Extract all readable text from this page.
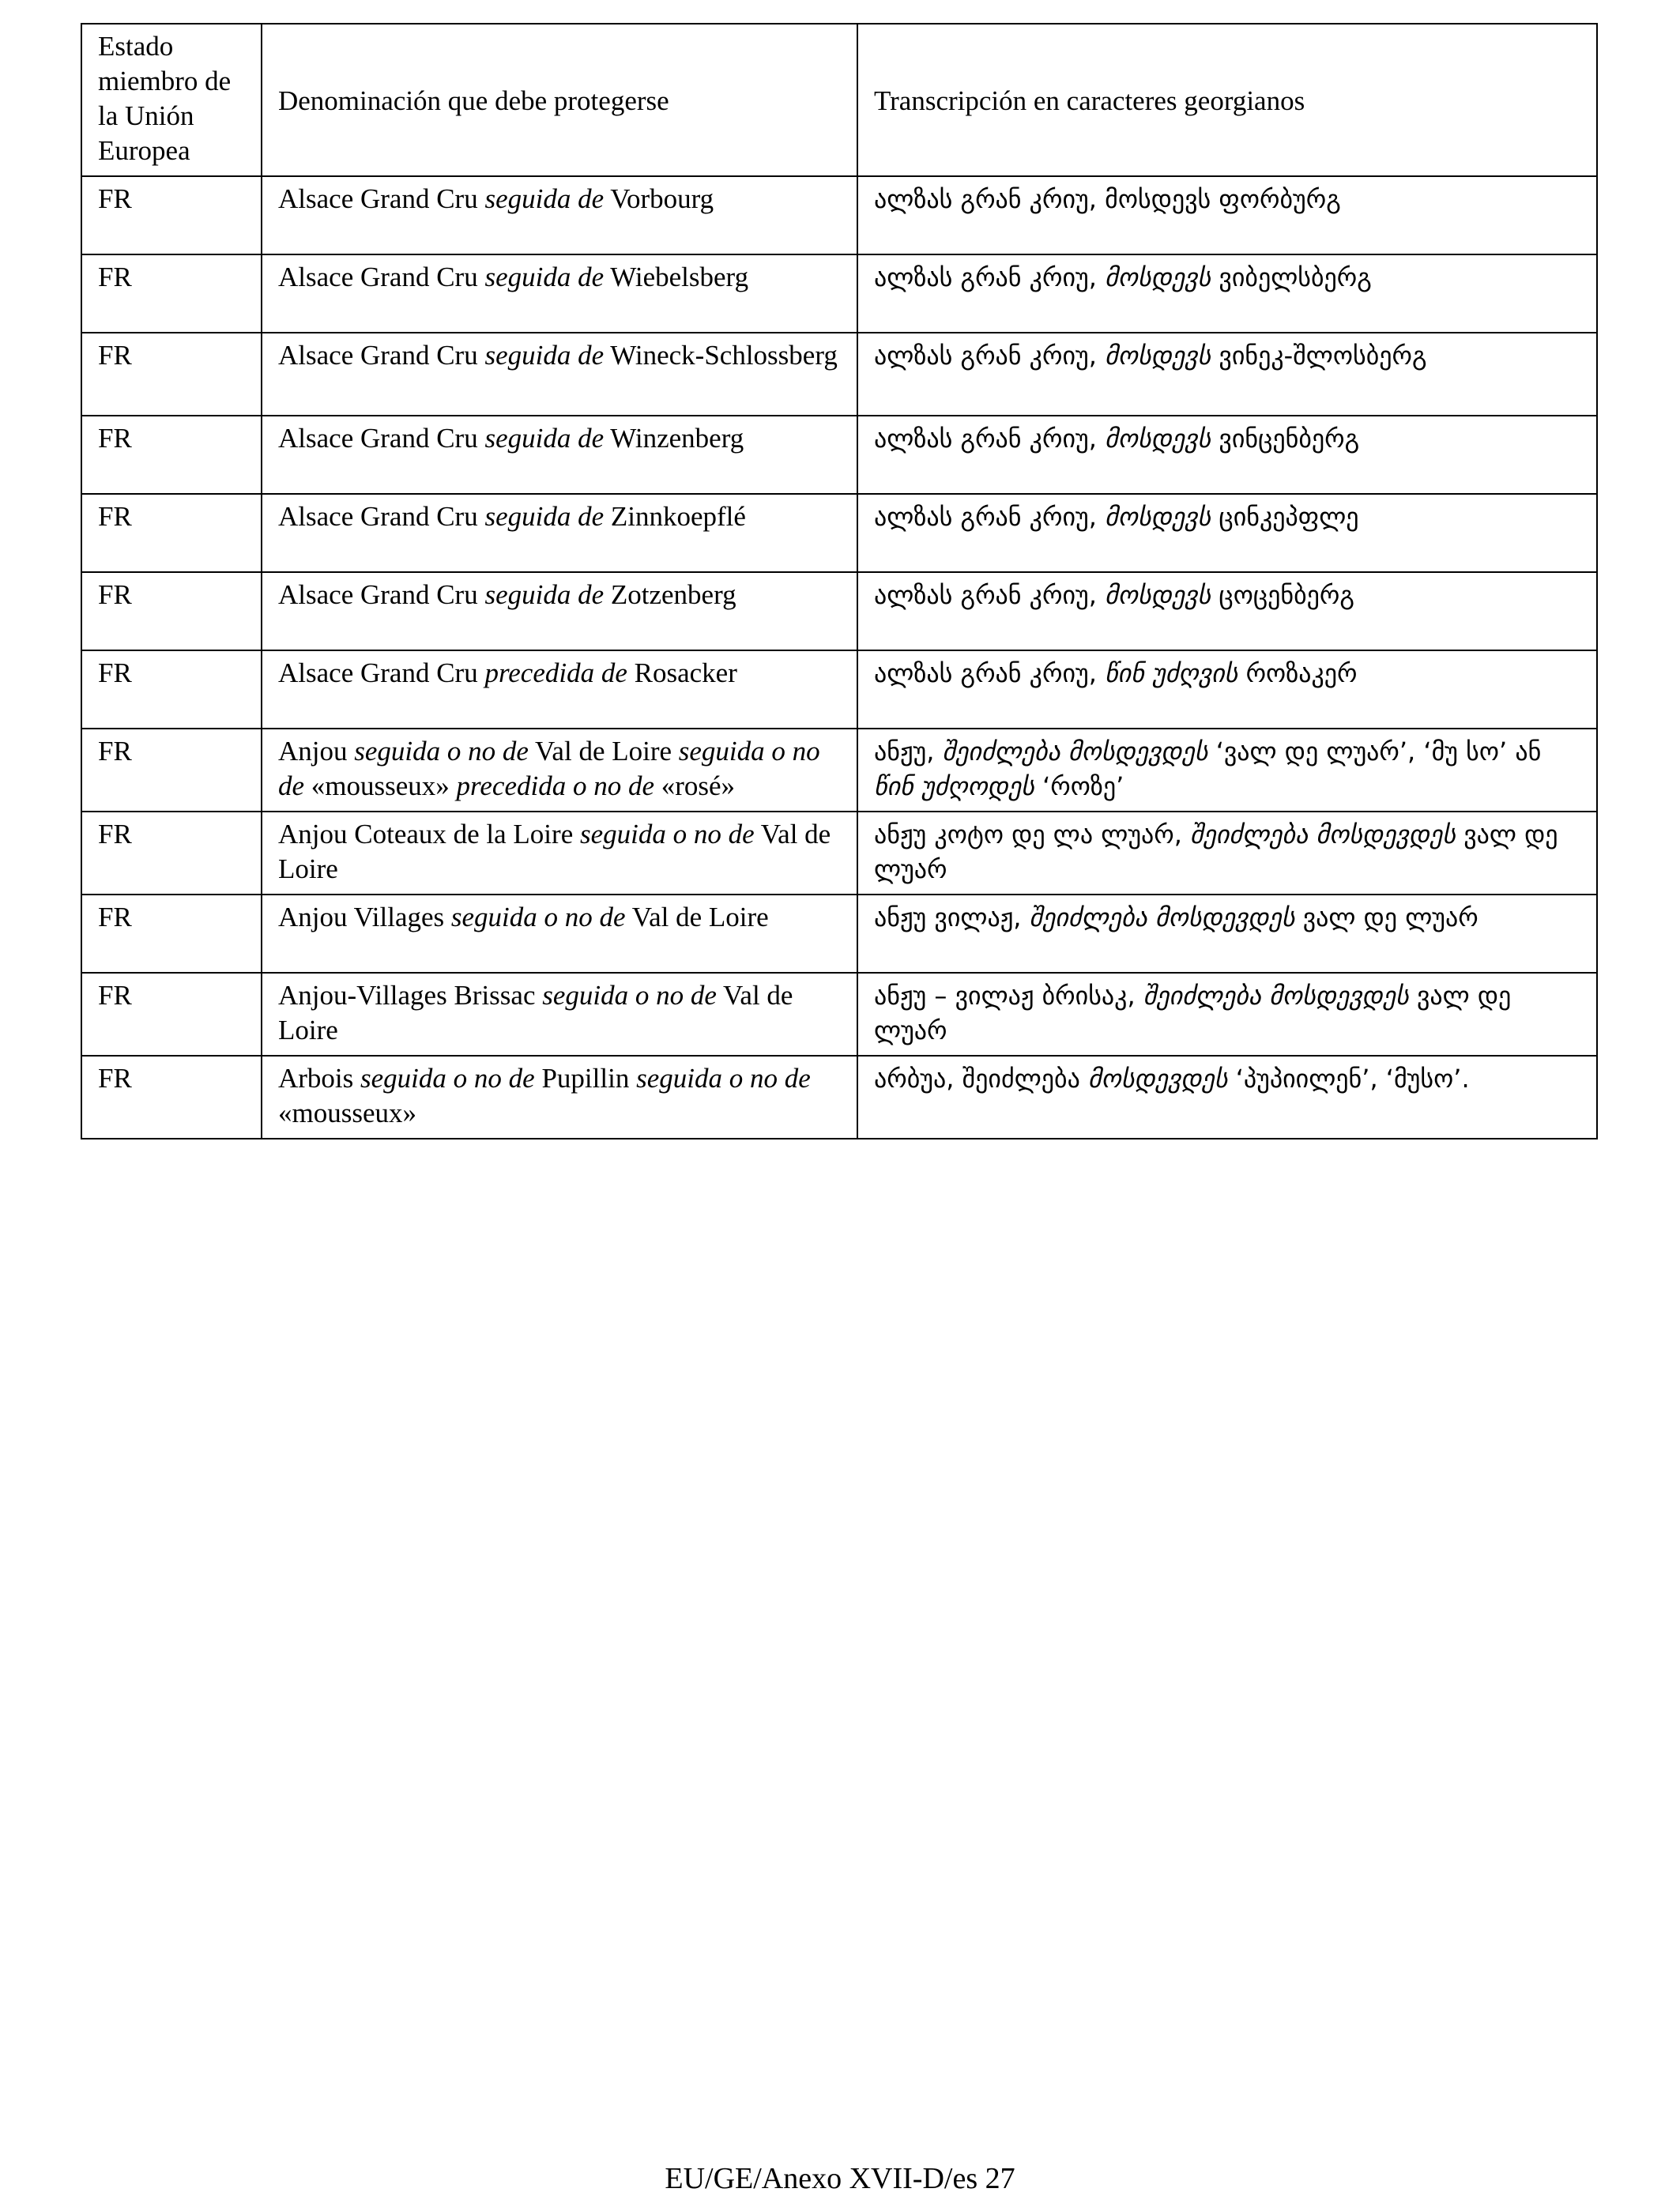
Estado miembro de la Unión Europea	Denominación que debe protegerse	Transcripción en caracteres georgianos
FR	Alsace Grand Cru seguida de Vorbourg	ალზას გრან კრიუ, მოსდევს ფორბურგ
FR	Alsace Grand Cru seguida de Wiebelsberg	ალზას გრან კრიუ, მოსდევს ვიბელსბერგ
FR	Alsace Grand Cru seguida de Wineck-Schlossberg	ალზას გრან კრიუ, მოსდევს ვინეკ-შლოსბერგ
FR	Alsace Grand Cru seguida de Winzenberg	ალზას გრან კრიუ, მოსდევს ვინცენბერგ
FR	Alsace Grand Cru seguida de Zinnkoepflé	ალზას გრან კრიუ, მოსდევს ცინკეპფლე
FR	Alsace Grand Cru seguida de Zotzenberg	ალზას გრან კრიუ, მოსდევს ცოცენბერგ
FR	Alsace Grand Cru precedida de Rosacker	ალზას გრან კრიუ, წინ უძღვის როზაკერ
FR	Anjou seguida o no de Val de Loire seguida o no de «mousseux» precedida o no de «rosé»	ანჟუ, შეიძლება მოსდევდეს ‘ვალ დე ლუარ’, ‘მუ სო’ ან წინ უძღოდეს ‘როზე’
FR	Anjou Coteaux de la Loire seguida o no de Val de Loire	ანჟუ კოტო დე ლა ლუარ, შეიძლება მოსდევდეს ვალ დე ლუარ
FR	Anjou Villages seguida o no de Val de Loire	ანჟუ ვილაჟ, შეიძლება მოსდევდეს ვალ დე ლუარ
FR	Anjou-Villages Brissac seguida o no de Val de Loire	ანჟუ – ვილაჟ ბრისაკ, შეიძლება მოსდევდეს ვალ დე ლუარ
FR	Arbois seguida o no de Pupillin seguida o no de «mousseux»	არბუა, შეიძლება მოსდევდეს ‘პუპიილენ’, ‘მუსო’.
EU/GE/Anexo XVII-D/es 27
